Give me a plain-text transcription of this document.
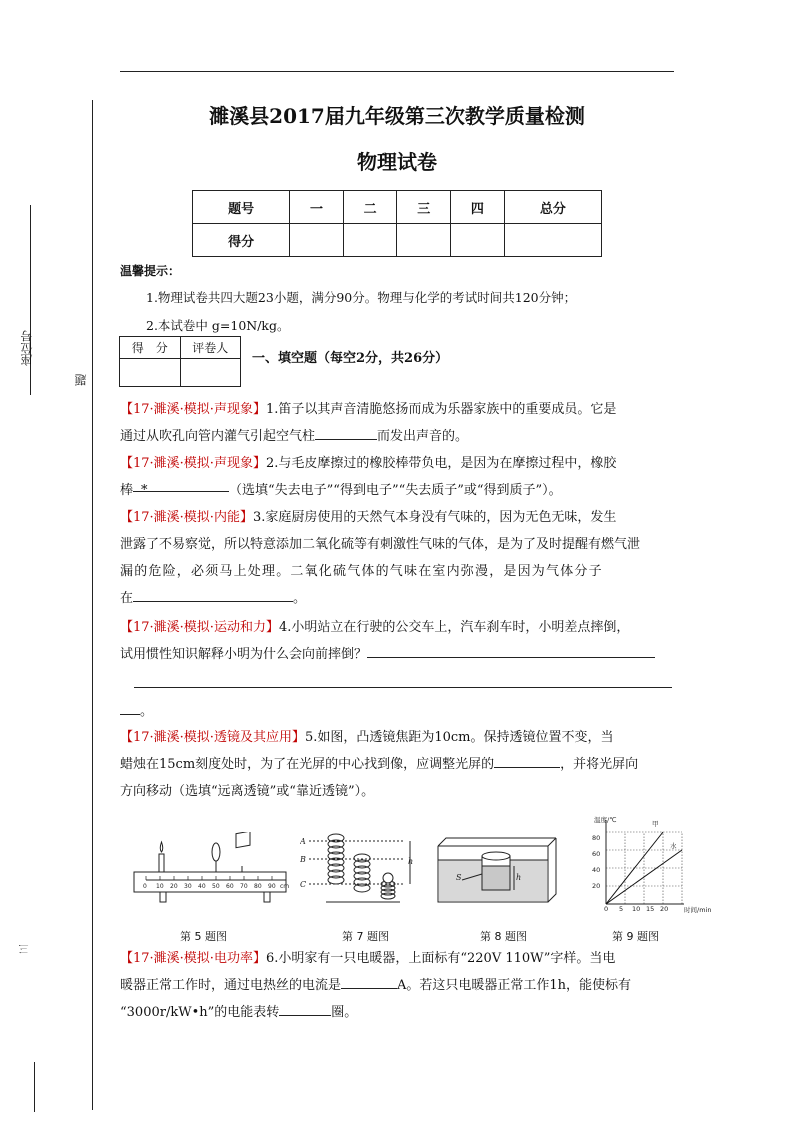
座位号
题
三
濉溪县2017届九年级第三次教学质量检测
物理试卷
题号	一	二	三	四	总分
得分					
温馨提示：
1.物理试卷共四大题23小题，满分90分。物理与化学的考试时间共120分钟；
2.本试卷中 g=10N/kg。
得　分	评卷人

一、填空题（每空2分，共26分）
【17·濉溪·模拟·声现象】1.笛子以其声音清脆悠扬而成为乐器家族中的重要成员。它是
通过从吹孔向管内灌气引起空气柱	而发出声音的。
【17·濉溪·模拟·声现象】2.与毛皮摩擦过的橡胶棒带负电，是因为在摩擦过程中，橡胶
棒 *	（选填“失去电子”“得到电子”“失去质子”或“得到质子”）。
【17·濉溪·模拟·内能】3.家庭厨房使用的天然气本身没有气味的，因为无色无味，发生
泄露了不易察觉，所以特意添加二氧化硫等有刺激性气味的气体，是为了及时提醒有燃气泄
漏的危险，必须马上处理。二氧化硫气体的气味在室内弥漫，是因为气体分子
在	。
【17·濉溪·模拟·运动和力】4.小明站立在行驶的公交车上，汽车刹车时，小明差点摔倒，
试用惯性知识解释小明为什么会向前摔倒？
。
【17·濉溪·模拟·透镜及其应用】5.如图，凸透镜焦距为10cm。保持透镜位置不变，当
蜡烛在15cm刻度处时，为了在光屏的中心找到像，应调整光屏的	，并将光屏向
方向移动（选填“远离透镜”或“靠近透镜”）。
0 10 20 30 40 50 60 70 80 90 cm
A
B
C
h
S	h
温度/℃
时间/min
20
40
60
80
0 5 10 15 20
甲
水
第 5 题图	第 7 题图	第 8 题图	第 9 题图
【17·濉溪·模拟·电功率】6.小明家有一只电暖器，上面标有“220V 110W”字样。当电
暖器正常工作时，通过电热丝的电流是	A。若这只电暖器正常工作1h，能使标有
“3000r/kW•h”的电能表转	圈。
